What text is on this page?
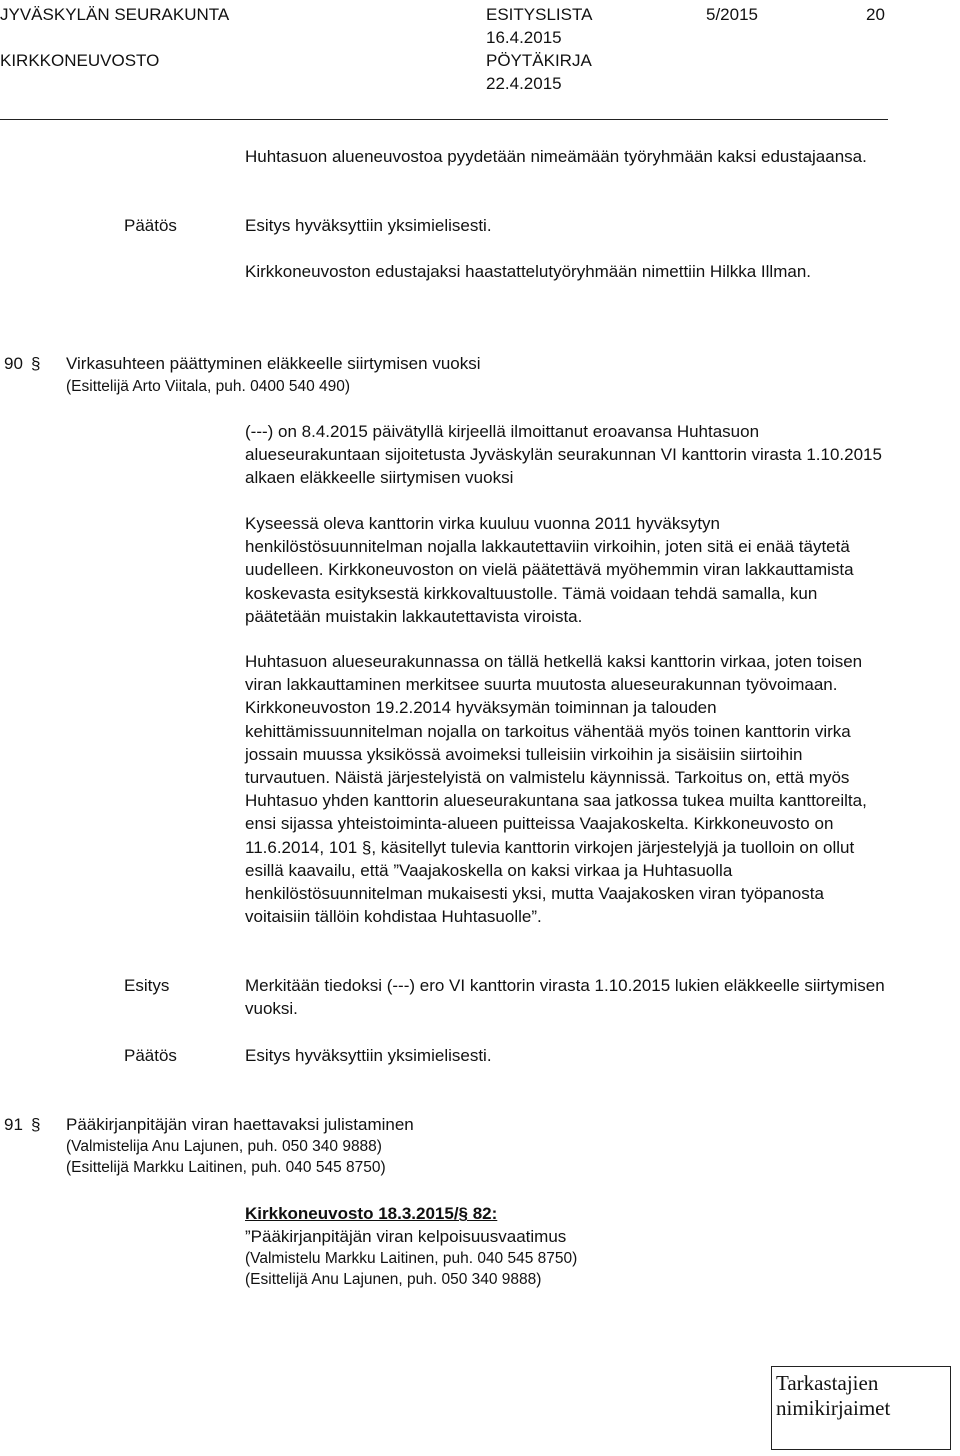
JYVÄSKYLÄN SEURAKUNTA
KIRKKONEUVOSTO
ESITYSLISTA
16.4.2015
PÖYTÄKIRJA
22.4.2015
5/2015	20
Huhtasuon alueneuvostoa pyydetään nimeämään työryhmään kaksi edustajaansa.
Päätös	Esitys hyväksyttiin yksimielisesti.
Kirkkoneuvoston edustajaksi haastattelutyöryhmään nimettiin Hilkka Illman.
90 § Virkasuhteen päättyminen eläkkeelle siirtymisen vuoksi
(Esittelijä Arto Viitala, puh. 0400 540 490)
(---) on 8.4.2015 päivätyllä kirjeellä ilmoittanut eroavansa Huhtasuon alueseurakuntaan sijoitetusta Jyväskylän seurakunnan VI kanttorin virasta 1.10.2015 alkaen eläkkeelle siirtymisen vuoksi
Kyseessä oleva kanttorin virka kuuluu vuonna 2011 hyväksytyn henkilöstösuunnitelman nojalla lakkautettaviin virkoihin, joten sitä ei enää täytetä uudelleen. Kirkkoneuvoston on vielä päätettävä myöhemmin viran lakkauttamista koskevasta esityksestä kirkkovaltuustolle. Tämä voidaan tehdä samalla, kun päätetään muistakin lakkautettavista viroista.
Huhtasuon alueseurakunnassa on tällä hetkellä kaksi kanttorin virkaa, joten toisen viran lakkauttaminen merkitsee suurta muutosta alueseurakunnan työvoimaan. Kirkkoneuvoston 19.2.2014 hyväksymän toiminnan ja talouden kehittämissuunnitelman nojalla on tarkoitus vähentää myös toinen kanttorin virka jossain muussa yksikössä avoimeksi tulleisiin virkoihin ja sisäisiin siirtoihin turvautuen. Näistä järjestelyistä on valmistelu käynnissä. Tarkoitus on, että myös Huhtasuo yhden kanttorin alueseurakuntana saa jatkossa tukea muilta kanttoreilta, ensi sijassa yhteistoiminta-alueen puitteissa Vaajakoskelta. Kirkkoneuvosto on 11.6.2014, 101 §, käsitellyt tulevia kanttorin virkojen järjestelyjä ja tuolloin on ollut esillä kaavailu, että ”Vaajakoskella on kaksi virkaa ja Huhtasuolla henkilöstösuunnitelman mukaisesti yksi, mutta Vaajakosken viran työpanosta voitaisiin tällöin kohdistaa Huhtasuolle”.
Esitys	Merkitään tiedoksi (---) ero VI kanttorin virasta 1.10.2015 lukien eläkkeelle siirtymisen vuoksi.
Päätös	Esitys hyväksyttiin yksimielisesti.
91 § Pääkirjanpitäjän viran haettavaksi julistaminen
(Valmistelija Anu Lajunen, puh. 050 340 9888)
(Esittelijä Markku Laitinen, puh. 040 545 8750)
Kirkkoneuvosto 18.3.2015/§ 82:
”Pääkirjanpitäjän viran kelpoisuusvaatimus
(Valmistelu Markku Laitinen, puh. 040 545 8750)
(Esittelijä Anu Lajunen, puh. 050 340 9888)
Tarkastajien
nimikirjaimet
